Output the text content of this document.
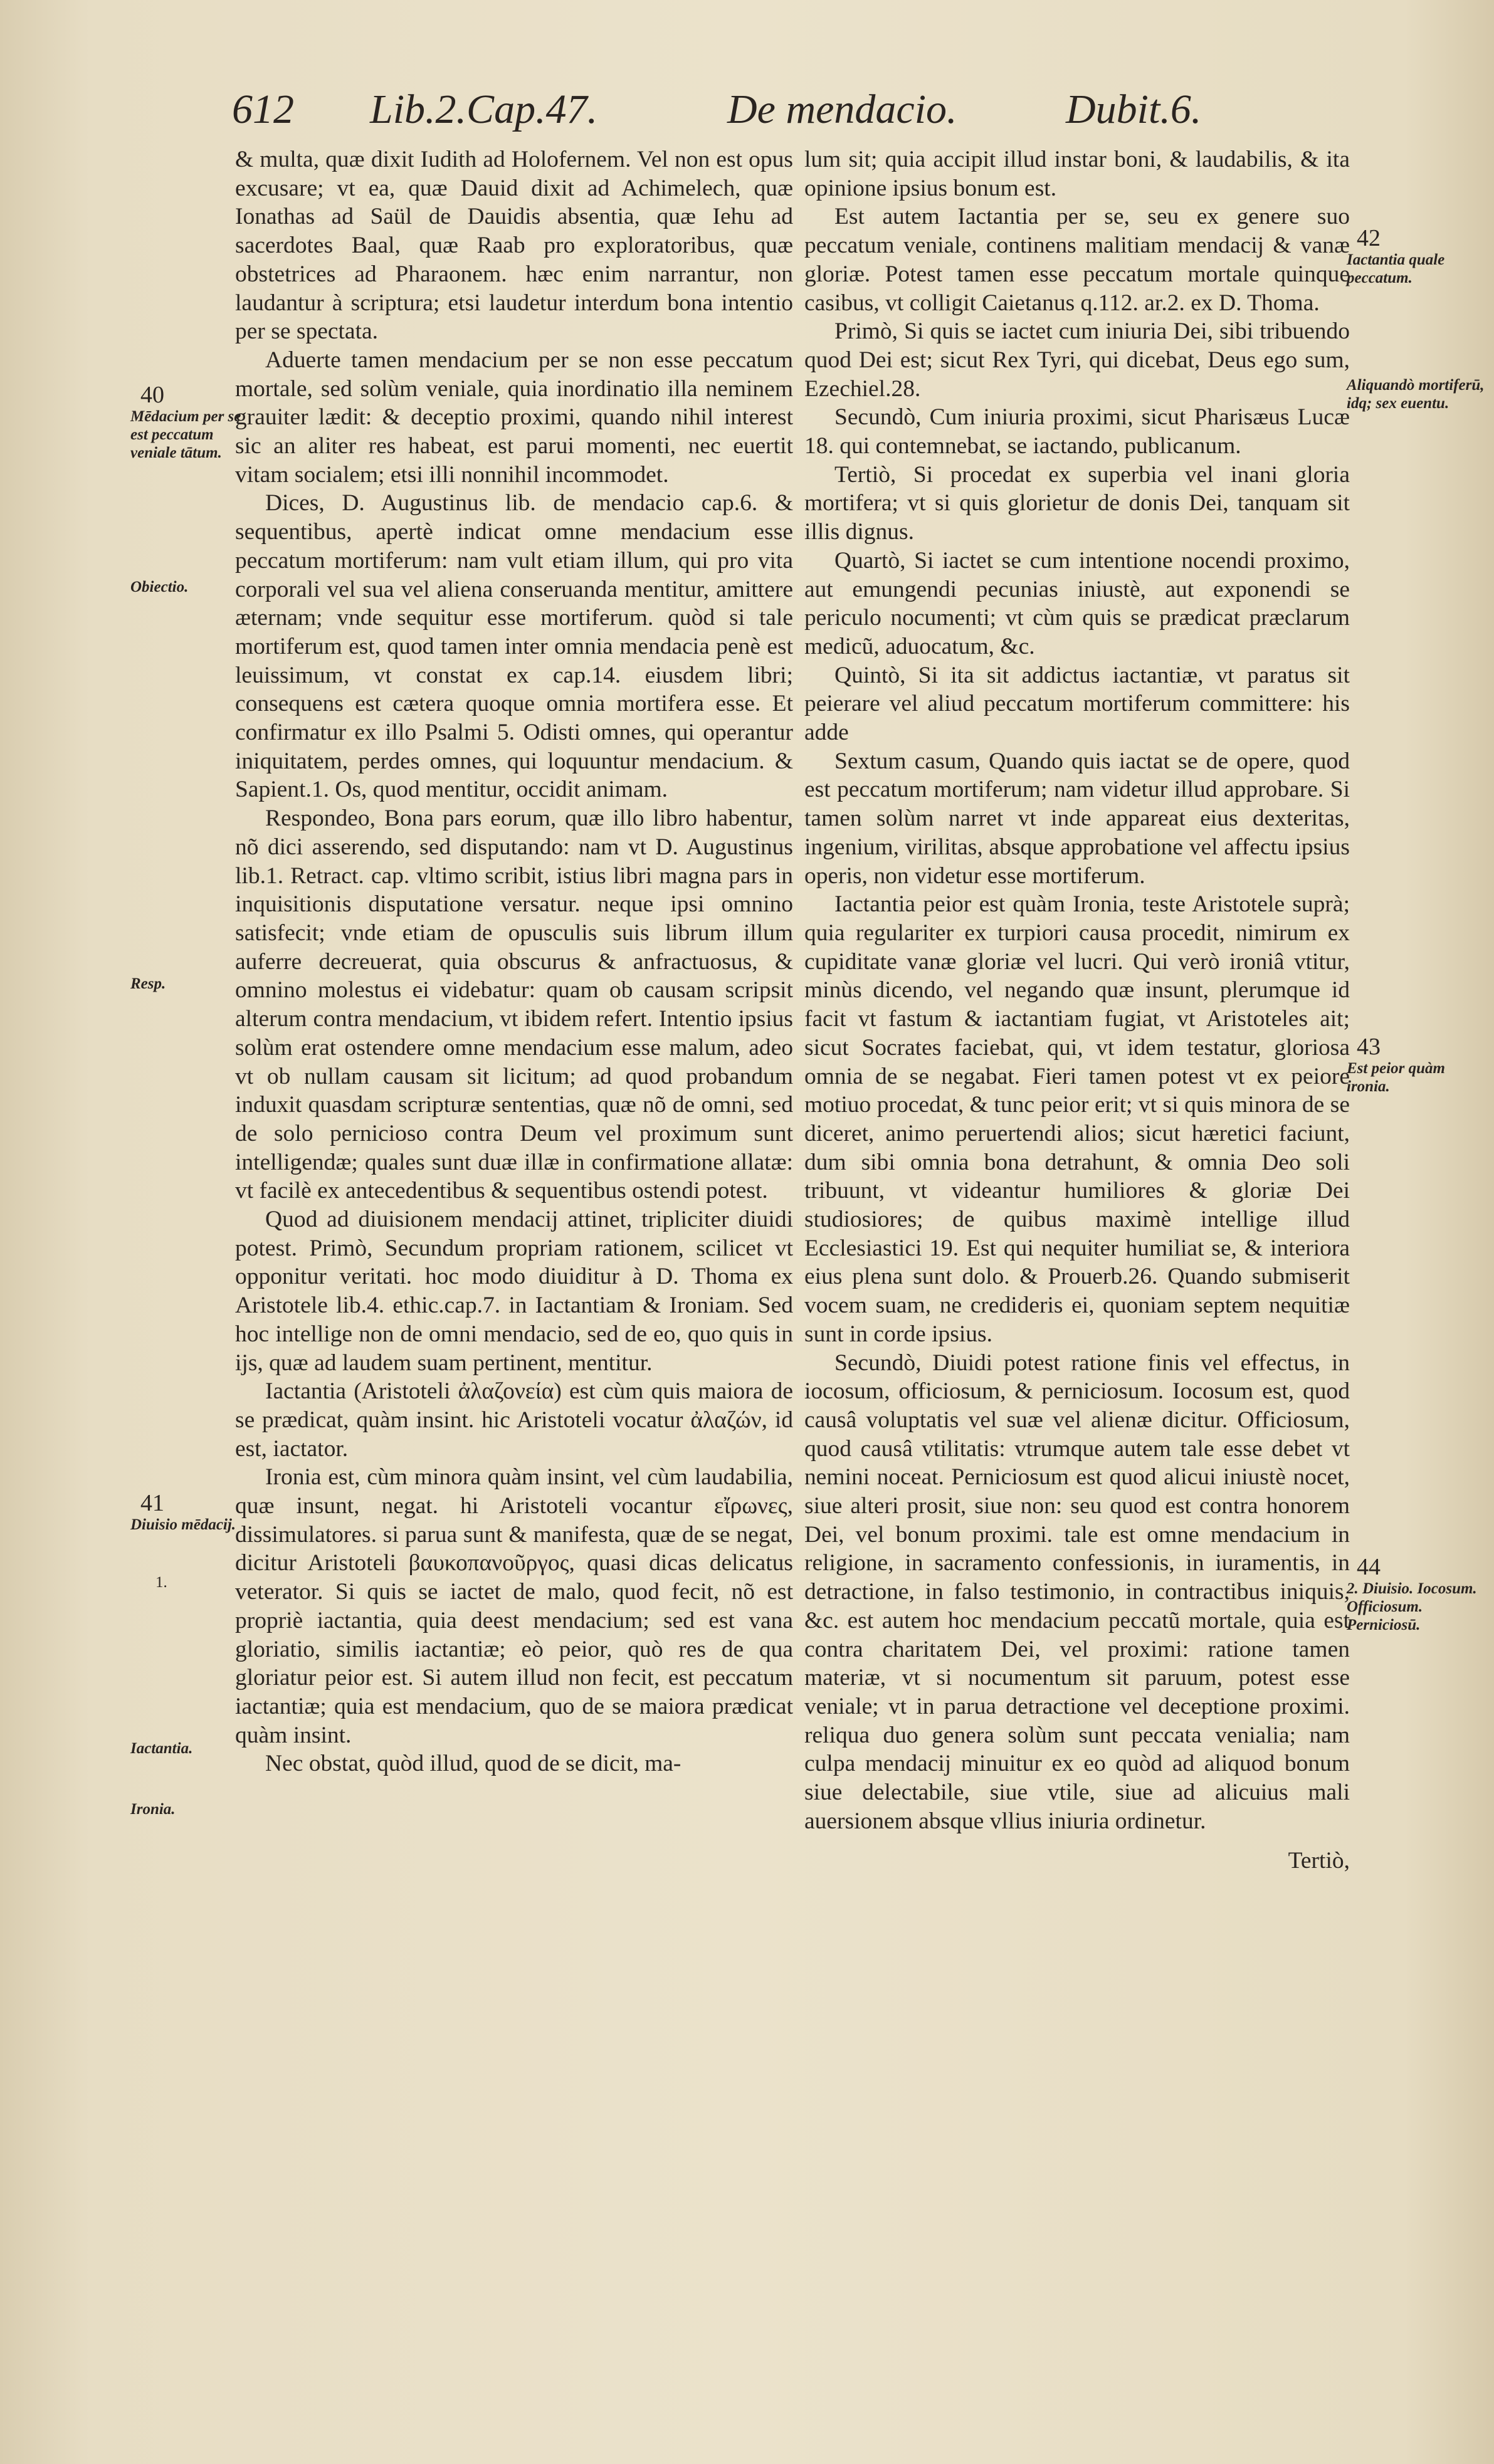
612 Lib.2.Cap.47.	De mendacio.	Dubit.6.
40
Mēdacium per se est peccatum veniale tātum.
Obiectio.
Resp.
41
Diuisio mēdacij.
1.
Iactantia.
Ironia.
42
Iactantia quale peccatum.
Aliquandò mortiferū, idq; sex euentu.
43
Est peior quàm ironia.
44
2. Diuisio. Iocosum. Officiosum. Perniciosū.

& multa, quæ dixit Iudith ad Holofernem. Vel non est opus excusare; vt ea, quæ Dauid dixit ad Achimelech, quæ Ionathas ad Saül de Dauidis absentia, quæ Iehu ad sacerdotes Baal, quæ Raab pro exploratoribus, quæ obstetrices ad Pharaonem. hæc enim narrantur, non laudantur à scriptura; etsi laudetur interdum bona intentio per se spectata.

Aduerte tamen mendacium per se non esse peccatum mortale, sed solùm veniale, quia inordinatio illa neminem grauiter lædit: & deceptio proximi, quando nihil interest sic an aliter res habeat, est parui momenti, nec euertit vitam socialem; etsi illi nonnihil incommodet.

Dices, D. Augustinus lib. de mendacio cap.6. & sequentibus, apertè indicat omne mendacium esse peccatum mortiferum: nam vult etiam illum, qui pro vita corporali vel sua vel aliena conseruanda mentitur, amittere æternam; vnde sequitur esse mortiferum. quòd si tale mortiferum est, quod tamen inter omnia mendacia penè est leuissimum, vt constat ex cap.14. eiusdem libri; consequens est cætera quoque omnia mortifera esse. Et confirmatur ex illo Psalmi 5. Odisti omnes, qui operantur iniquitatem, perdes omnes, qui loquuntur mendacium. & Sapient.1. Os, quod mentitur, occidit animam.

Respondeo, Bona pars eorum, quæ illo libro habentur, nõ dici asserendo, sed disputando: nam vt D. Augustinus lib.1. Retract. cap. vltimo scribit, istius libri magna pars in inquisitionis disputatione versatur. neque ipsi omnino satisfecit; vnde etiam de opusculis suis librum illum auferre decreuerat, quia obscurus & anfractuosus, & omnino molestus ei videbatur: quam ob causam scripsit alterum contra mendacium, vt ibidem refert. Intentio ipsius solùm erat ostendere omne mendacium esse malum, adeo vt ob nullam causam sit licitum; ad quod probandum induxit quasdam scripturæ sententias, quæ nõ de omni, sed de solo pernicioso contra Deum vel proximum sunt intelligendæ; quales sunt duæ illæ in confirmatione allatæ: vt facilè ex antecedentibus & sequentibus ostendi potest.

Quod ad diuisionem mendacij attinet, tripliciter diuidi potest. Primò, Secundum propriam rationem, scilicet vt opponitur veritati. hoc modo diuiditur à D. Thoma ex Aristotele lib.4. ethic.cap.7. in Iactantiam & Ironiam. Sed hoc intellige non de omni mendacio, sed de eo, quo quis in ijs, quæ ad laudem suam pertinent, mentitur.

Iactantia (Aristoteli ἀλαζονεία) est cùm quis maiora de se prædicat, quàm insint. hic Aristoteli vocatur ἀλαζών, id est, iactator.

Ironia est, cùm minora quàm insint, vel cùm laudabilia, quæ insunt, negat. hi Aristoteli vocantur εἴρωνες, dissimulatores. si parua sunt & manifesta, quæ de se negat, dicitur Aristoteli βαυκοπανοῦργος, quasi dicas delicatus veterator. Si quis se iactet de malo, quod fecit, nõ est propriè iactantia, quia deest mendacium; sed est vana gloriatio, similis iactantiæ; eò peior, quò res de qua gloriatur peior est. Si autem illud non fecit, est peccatum iactantiæ; quia est mendacium, quo de se maiora prædicat quàm insint.

Nec obstat, quòd illud, quod de se dicit, ma-

lum sit; quia accipit illud instar boni, & laudabilis, & ita opinione ipsius bonum est.

Est autem Iactantia per se, seu ex genere suo peccatum veniale, continens malitiam mendacij & vanæ gloriæ. Potest tamen esse peccatum mortale quinque casibus, vt colligit Caietanus q.112. ar.2. ex D. Thoma.

Primò, Si quis se iactet cum iniuria Dei, sibi tribuendo quod Dei est; sicut Rex Tyri, qui dicebat, Deus ego sum, Ezechiel.28.

Secundò, Cum iniuria proximi, sicut Pharisæus Lucæ 18. qui contemnebat, se iactando, publicanum.

Tertiò, Si procedat ex superbia vel inani gloria mortifera; vt si quis glorietur de donis Dei, tanquam sit illis dignus.

Quartò, Si iactet se cum intentione nocendi proximo, aut emungendi pecunias iniustè, aut exponendi se periculo nocumenti; vt cùm quis se prædicat præclarum medicũ, aduocatum, &c.

Quintò, Si ita sit addictus iactantiæ, vt paratus sit peierare vel aliud peccatum mortiferum committere: his adde

Sextum casum, Quando quis iactat se de opere, quod est peccatum mortiferum; nam videtur illud approbare. Si tamen solùm narret vt inde appareat eius dexteritas, ingenium, virilitas, absque approbatione vel affectu ipsius operis, non videtur esse mortiferum.

Iactantia peior est quàm Ironia, teste Aristotele suprà; quia regulariter ex turpiori causa procedit, nimirum ex cupiditate vanæ gloriæ vel lucri. Qui verò ironiâ vtitur, minùs dicendo, vel negando quæ insunt, plerumque id facit vt fastum & iactantiam fugiat, vt Aristoteles ait; sicut Socrates faciebat, qui, vt idem testatur, gloriosa omnia de se negabat. Fieri tamen potest vt ex peiore motiuo procedat, & tunc peior erit; vt si quis minora de se diceret, animo peruertendi alios; sicut hæretici faciunt, dum sibi omnia bona detrahunt, & omnia Deo soli tribuunt, vt videantur humiliores & gloriæ Dei studiosiores; de quibus maximè intellige illud Ecclesiastici 19. Est qui nequiter humiliat se, & interiora eius plena sunt dolo. & Prouerb.26. Quando submiserit vocem suam, ne credideris ei, quoniam septem nequitiæ sunt in corde ipsius.

Secundò, Diuidi potest ratione finis vel effectus, in iocosum, officiosum, & perniciosum. Iocosum est, quod causâ voluptatis vel suæ vel alienæ dicitur. Officiosum, quod causâ vtilitatis: vtrumque autem tale esse debet vt nemini noceat. Perniciosum est quod alicui iniustè nocet, siue alteri prosit, siue non: seu quod est contra honorem Dei, vel bonum proximi. tale est omne mendacium in religione, in sacramento confessionis, in iuramentis, in detractione, in falso testimonio, in contractibus iniquis, &c. est autem hoc mendacium peccatũ mortale, quia est contra charitatem Dei, vel proximi: ratione tamen materiæ, vt si nocumentum sit paruum, potest esse veniale; vt in parua detractione vel deceptione proximi. reliqua duo genera solùm sunt peccata venialia; nam culpa mendacij minuitur ex eo quòd ad aliquod bonum siue delectabile, siue vtile, siue ad alicuius mali auersionem absque vllius iniuria ordinetur.

Tertiò,
